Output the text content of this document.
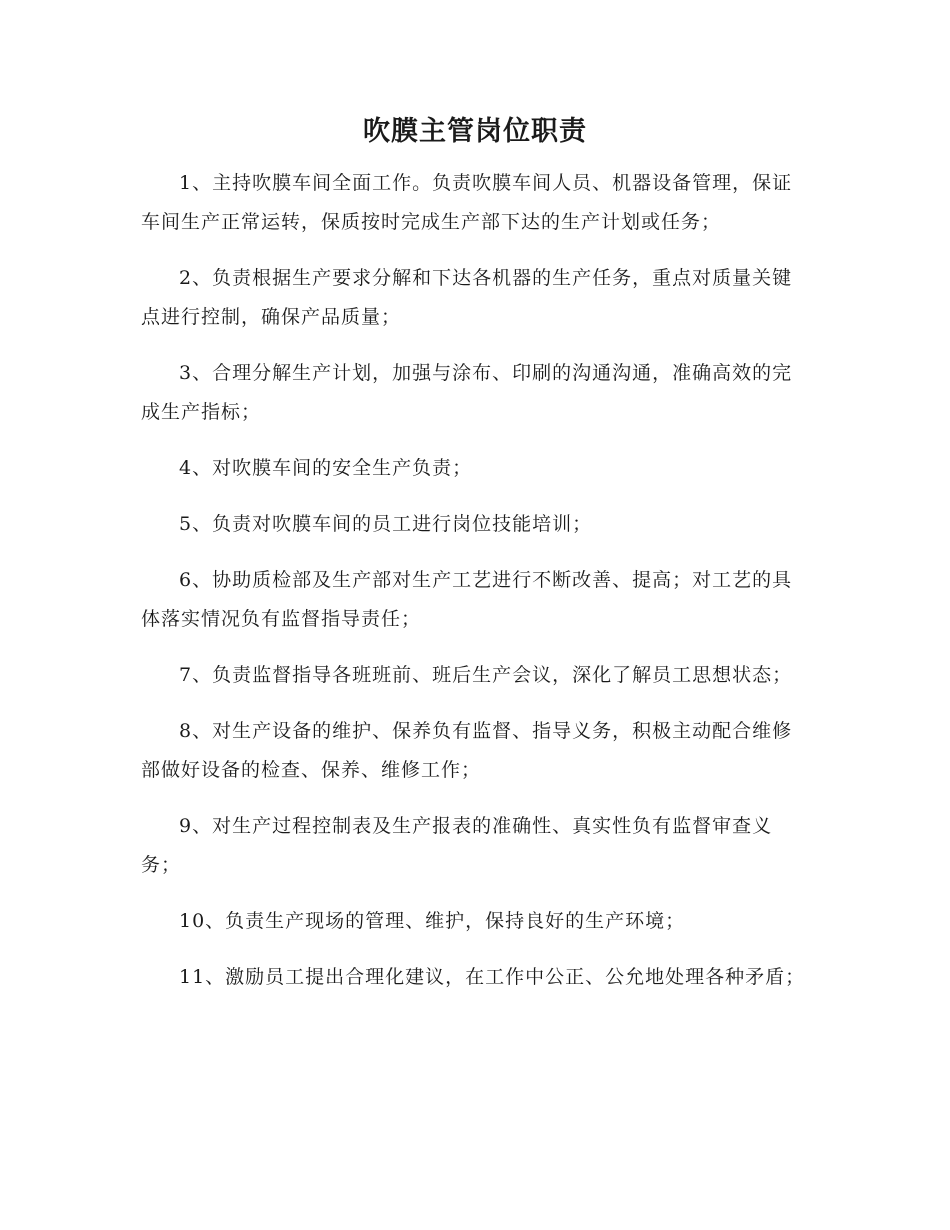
吹膜主管岗位职责

1、主持吹膜车间全面工作。负责吹膜车间人员、机器设备管理，保证车间生产正常运转，保质按时完成生产部下达的生产计划或任务；

2、负责根据生产要求分解和下达各机器的生产任务，重点对质量关键点进行控制，确保产品质量；

3、合理分解生产计划，加强与涂布、印刷的沟通沟通，准确高效的完成生产指标；

4、对吹膜车间的安全生产负责；

5、负责对吹膜车间的员工进行岗位技能培训；

6、协助质检部及生产部对生产工艺进行不断改善、提高；对工艺的具体落实情况负有监督指导责任；

7、负责监督指导各班班前、班后生产会议，深化了解员工思想状态；

8、对生产设备的维护、保养负有监督、指导义务，积极主动配合维修部做好设备的检查、保养、维修工作；

9、对生产过程控制表及生产报表的准确性、真实性负有监督审查义务；

10、负责生产现场的管理、维护，保持良好的生产环境；

11、激励员工提出合理化建议，在工作中公正、公允地处理各种矛盾；
